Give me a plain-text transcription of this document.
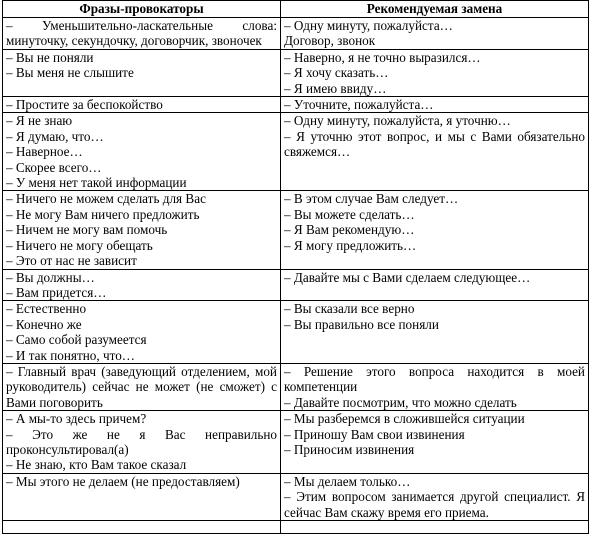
Фразы-провокаторы	Рекомендуемая замена

– Уменьшительно-ласкательные слова: минуточку, секундочку, договорчик, звоночек	– Одну минуту, пожалуйста…
Договор, звонок

– Вы не поняли
– Вы меня не слышите	– Наверно, я не точно выразился…
– Я хочу сказать…
– Я имею ввиду…

– Простите за беспокойство	– Уточните, пожалуйста…

– Я не знаю
– Я думаю, что…
– Наверное…
– Скорее всего…
– У меня нет такой информации	– Одну минуту, пожалуйста, я уточню…
– Я уточню этот вопрос, и мы с Вами обязательно свяжемся…

– Ничего не можем сделать для Вас
– Не могу Вам ничего предложить
– Ничем не могу вам помочь
– Ничего не могу обещать
– Это от нас не зависит	– В этом случае Вам следует…
– Вы можете сделать…
– Я Вам рекомендую…
– Я могу предложить…

– Вы должны…
– Вам придется…	– Давайте мы с Вами сделаем следующее…

– Естественно
– Конечно же
– Само собой разумеется
– И так понятно, что…	– Вы сказали все верно
– Вы правильно все поняли

– Главный врач (заведующий отделением, мой руководитель) сейчас не может (не сможет) с Вами поговорить	– Решение этого вопроса находится в моей компетенции
– Давайте посмотрим, что можно сделать

– А мы-то здесь причем?
– Это же не я Вас неправильно проконсультировал(а)
– Не знаю, кто Вам такое сказал	– Мы разберемся в сложившейся ситуации
– Приношу Вам свои извинения
– Приносим извинения

– Мы этого не делаем (не предоставляем)	– Мы делаем только…
– Этим вопросом занимается другой специалист. Я сейчас Вам скажу время его приема.
